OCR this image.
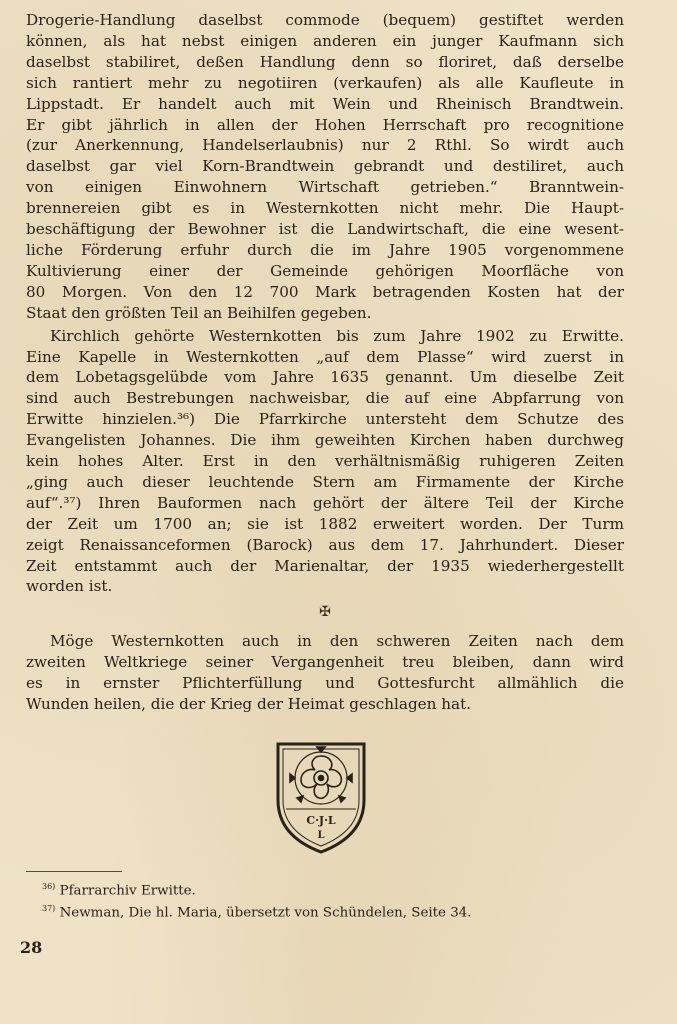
Drogerie-Handlung daselbst commode (bequem) gestiftet werden
können, als hat nebst einigen anderen ein junger Kaufmann sich
daselbst stabiliret, deßen Handlung denn so floriret, daß derselbe
sich rantiert mehr zu negotiiren (verkaufen) als alle Kaufleute in
Lippstadt. Er handelt auch mit Wein und Rheinisch Brandtwein.
Er gibt jährlich in allen der Hohen Herrschaft pro recognitione
(zur Anerkennung, Handelserlaubnis) nur 2 Rthl. So wirdt auch
daselbst gar viel Korn-Brandtwein gebrandt und destiliret, auch
von einigen Einwohnern Wirtschaft getrieben.“ Branntwein-
brennereien gibt es in Westernkotten nicht mehr. Die Haupt-
beschäftigung der Bewohner ist die Landwirtschaft, die eine wesent-
liche Förderung erfuhr durch die im Jahre 1905 vorgenommene
Kultivierung einer der Gemeinde gehörigen Moorfläche von
80 Morgen. Von den 12 700 Mark betragenden Kosten hat der
Staat den größten Teil an Beihilfen gegeben.
Kirchlich gehörte Westernkotten bis zum Jahre 1902 zu Erwitte.
Eine Kapelle in Westernkotten „auf dem Plasse“ wird zuerst in
dem Lobetagsgelübde vom Jahre 1635 genannt. Um dieselbe Zeit
sind auch Bestrebungen nachweisbar, die auf eine Abpfarrung von
Erwitte hinzielen.³⁶) Die Pfarrkirche untersteht dem Schutze des
Evangelisten Johannes. Die ihm geweihten Kirchen haben durchweg
kein hohes Alter. Erst in den verhältnismäßig ruhigeren Zeiten
„ging auch dieser leuchtende Stern am Firmamente der Kirche
auf“.³⁷) Ihren Bauformen nach gehört der ältere Teil der Kirche
der Zeit um 1700 an; sie ist 1882 erweitert worden. Der Turm
zeigt Renaissanceformen (Barock) aus dem 17. Jahrhundert. Dieser
Zeit entstammt auch der Marienaltar, der 1935 wiederhergestellt
worden ist.
✠
Möge Westernkotten auch in den schweren Zeiten nach dem
zweiten Weltkriege seiner Vergangenheit treu bleiben, dann wird
es in ernster Pflichterfüllung und Gottesfurcht allmählich die
Wunden heilen, die der Krieg der Heimat geschlagen hat.
C·J·L
L
$^{36)}$ Pfarrarchiv Erwitte.
$^{37)}$ Newman, Die hl. Maria, übersetzt von Schündelen, Seite 34.
28
